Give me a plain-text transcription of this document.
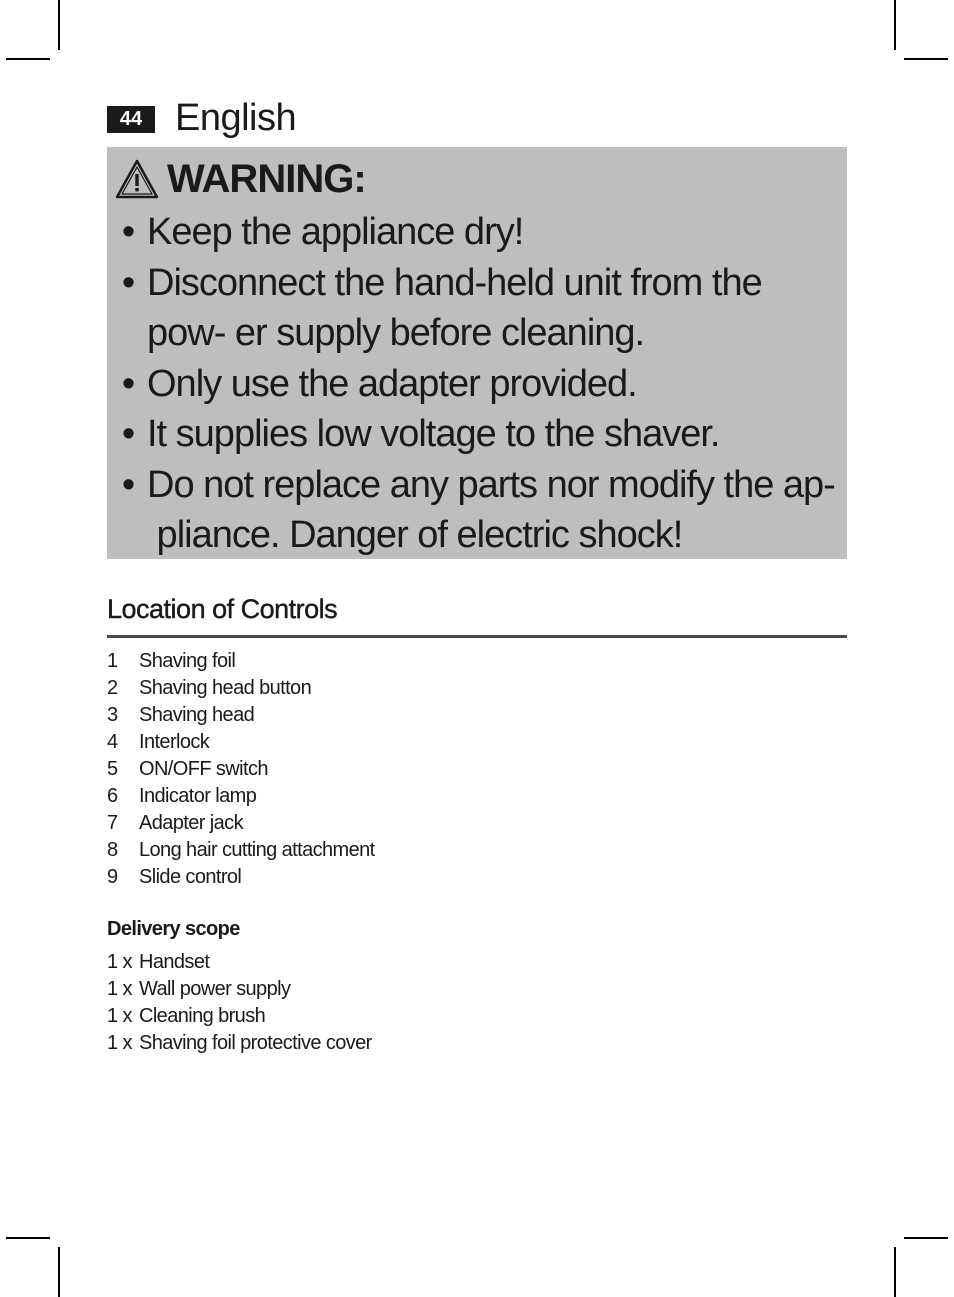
44 English
WARNING:
• Keep the appliance dry!
• Disconnect the hand-held unit from the pow- er supply before cleaning.
• Only use the adapter provided.
• It supplies low voltage to the shaver.
• Do not replace any parts nor modify the ap- pliance. Danger of electric shock!
Location of Controls
1	Shaving foil
2	Shaving head button
3	Shaving head
4	Interlock
5	ON/OFF switch
6	Indicator lamp
7	Adapter jack
8	Long hair cutting attachment
9	Slide control
Delivery scope
1 x Handset
1 x Wall power supply
1 x Cleaning brush
1 x Shaving foil protective cover
